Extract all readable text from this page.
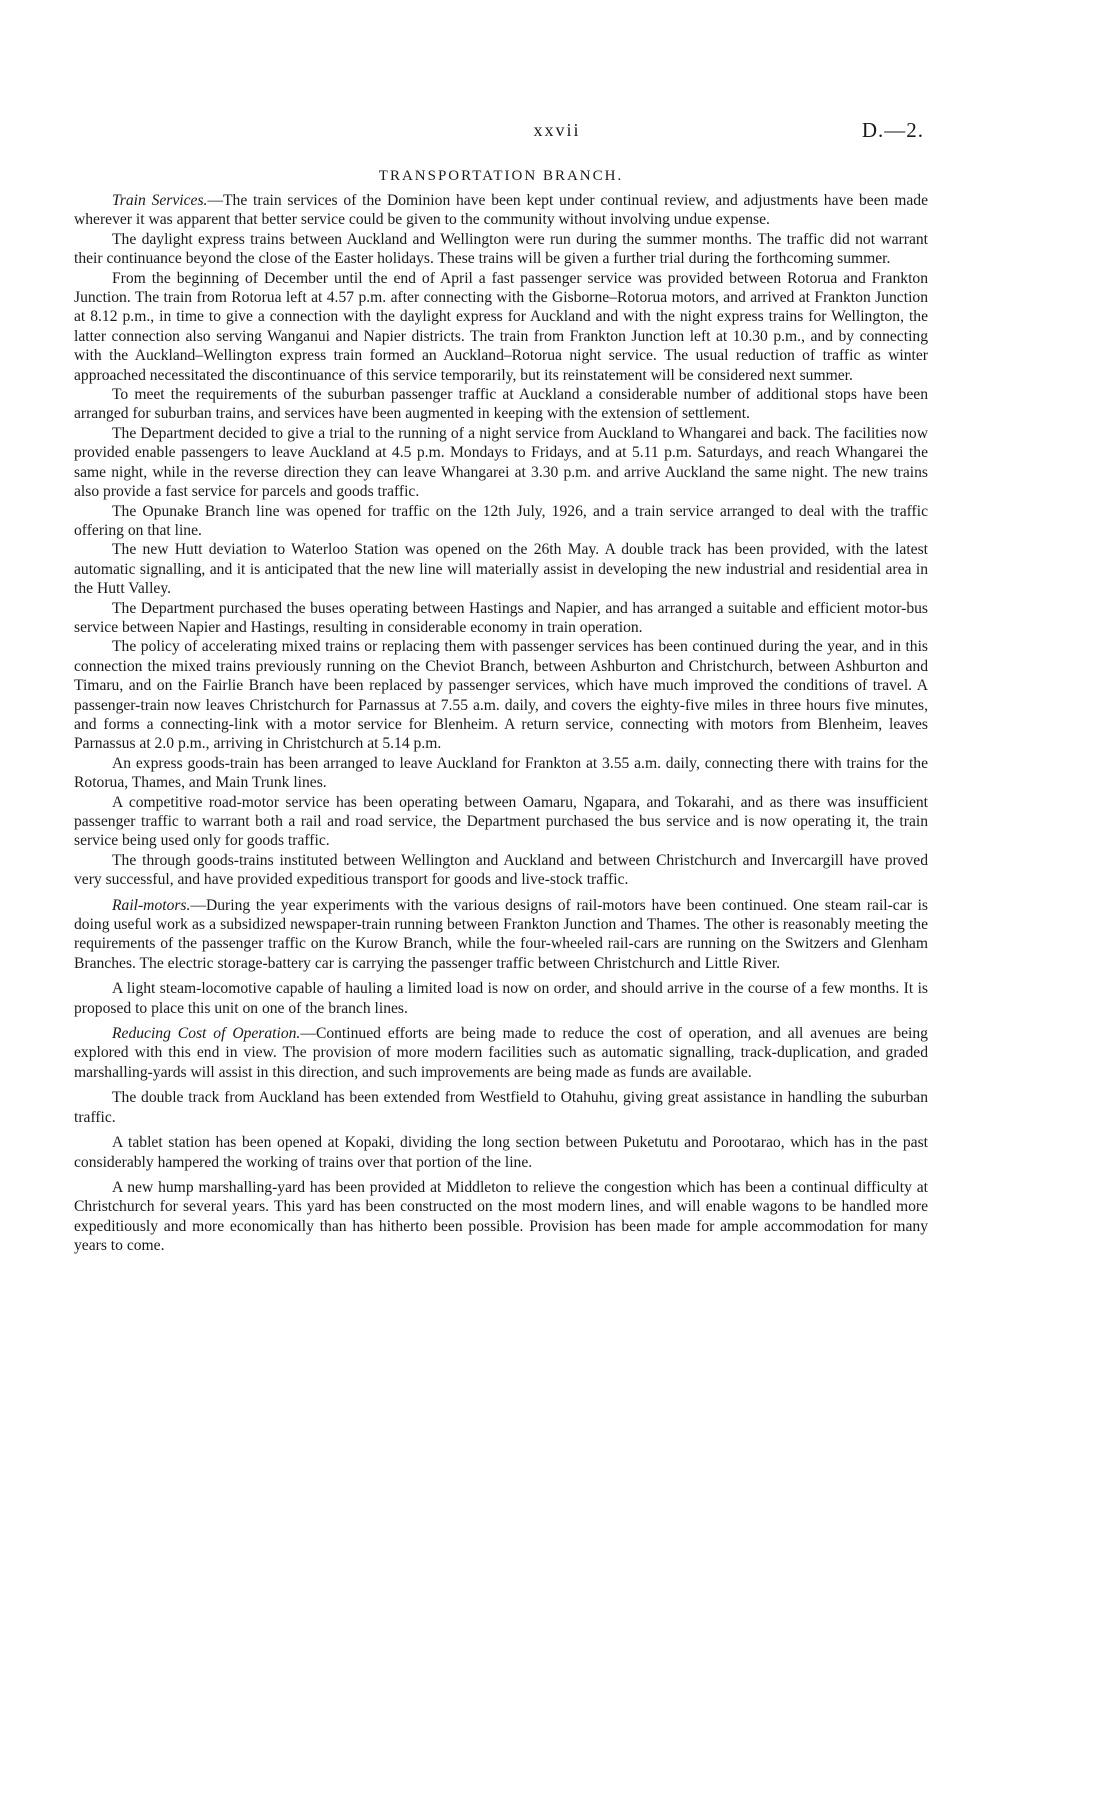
xxvii	D.—2.
TRANSPORTATION BRANCH.

Train Services.—The train services of the Dominion have been kept under continual review, and adjustments have been made wherever it was apparent that better service could be given to the community without involving undue expense.

The daylight express trains between Auckland and Wellington were run during the summer months. The traffic did not warrant their continuance beyond the close of the Easter holidays. These trains will be given a further trial during the forthcoming summer.

From the beginning of December until the end of April a fast passenger service was provided between Rotorua and Frankton Junction. The train from Rotorua left at 4.57 p.m. after connecting with the Gisborne–Rotorua motors, and arrived at Frankton Junction at 8.12 p.m., in time to give a connection with the daylight express for Auckland and with the night express trains for Wellington, the latter connection also serving Wanganui and Napier districts. The train from Frankton Junction left at 10.30 p.m., and by connecting with the Auckland–Wellington express train formed an Auckland–Rotorua night service. The usual reduction of traffic as winter approached necessitated the discontinuance of this service temporarily, but its reinstatement will be considered next summer.

To meet the requirements of the suburban passenger traffic at Auckland a considerable number of additional stops have been arranged for suburban trains, and services have been augmented in keeping with the extension of settlement.

The Department decided to give a trial to the running of a night service from Auckland to Whangarei and back. The facilities now provided enable passengers to leave Auckland at 4.5 p.m. Mondays to Fridays, and at 5.11 p.m. Saturdays, and reach Whangarei the same night, while in the reverse direction they can leave Whangarei at 3.30 p.m. and arrive Auckland the same night. The new trains also provide a fast service for parcels and goods traffic.

The Opunake Branch line was opened for traffic on the 12th July, 1926, and a train service arranged to deal with the traffic offering on that line.

The new Hutt deviation to Waterloo Station was opened on the 26th May. A double track has been provided, with the latest automatic signalling, and it is anticipated that the new line will materially assist in developing the new industrial and residential area in the Hutt Valley.

The Department purchased the buses operating between Hastings and Napier, and has arranged a suitable and efficient motor-bus service between Napier and Hastings, resulting in considerable economy in train operation.

The policy of accelerating mixed trains or replacing them with passenger services has been continued during the year, and in this connection the mixed trains previously running on the Cheviot Branch, between Ashburton and Christchurch, between Ashburton and Timaru, and on the Fairlie Branch have been replaced by passenger services, which have much improved the conditions of travel. A passenger-train now leaves Christchurch for Parnassus at 7.55 a.m. daily, and covers the eighty-five miles in three hours five minutes, and forms a connecting-link with a motor service for Blenheim. A return service, connecting with motors from Blenheim, leaves Parnassus at 2.0 p.m., arriving in Christchurch at 5.14 p.m.

An express goods-train has been arranged to leave Auckland for Frankton at 3.55 a.m. daily, connecting there with trains for the Rotorua, Thames, and Main Trunk lines.

A competitive road-motor service has been operating between Oamaru, Ngapara, and Tokarahi, and as there was insufficient passenger traffic to warrant both a rail and road service, the Department purchased the bus service and is now operating it, the train service being used only for goods traffic.

The through goods-trains instituted between Wellington and Auckland and between Christchurch and Invercargill have proved very successful, and have provided expeditious transport for goods and live-stock traffic.

Rail-motors.—During the year experiments with the various designs of rail-motors have been continued. One steam rail-car is doing useful work as a subsidized newspaper-train running between Frankton Junction and Thames. The other is reasonably meeting the requirements of the passenger traffic on the Kurow Branch, while the four-wheeled rail-cars are running on the Switzers and Glenham Branches. The electric storage-battery car is carrying the passenger traffic between Christchurch and Little River.

A light steam-locomotive capable of hauling a limited load is now on order, and should arrive in the course of a few months. It is proposed to place this unit on one of the branch lines.

Reducing Cost of Operation.—Continued efforts are being made to reduce the cost of operation, and all avenues are being explored with this end in view. The provision of more modern facilities such as automatic signalling, track-duplication, and graded marshalling-yards will assist in this direction, and such improvements are being made as funds are available.

The double track from Auckland has been extended from Westfield to Otahuhu, giving great assistance in handling the suburban traffic.

A tablet station has been opened at Kopaki, dividing the long section between Puketutu and Porootarao, which has in the past considerably hampered the working of trains over that portion of the line.

A new hump marshalling-yard has been provided at Middleton to relieve the congestion which has been a continual difficulty at Christchurch for several years. This yard has been constructed on the most modern lines, and will enable wagons to be handled more expeditiously and more economically than has hitherto been possible. Provision has been made for ample accommodation for many years to come.
